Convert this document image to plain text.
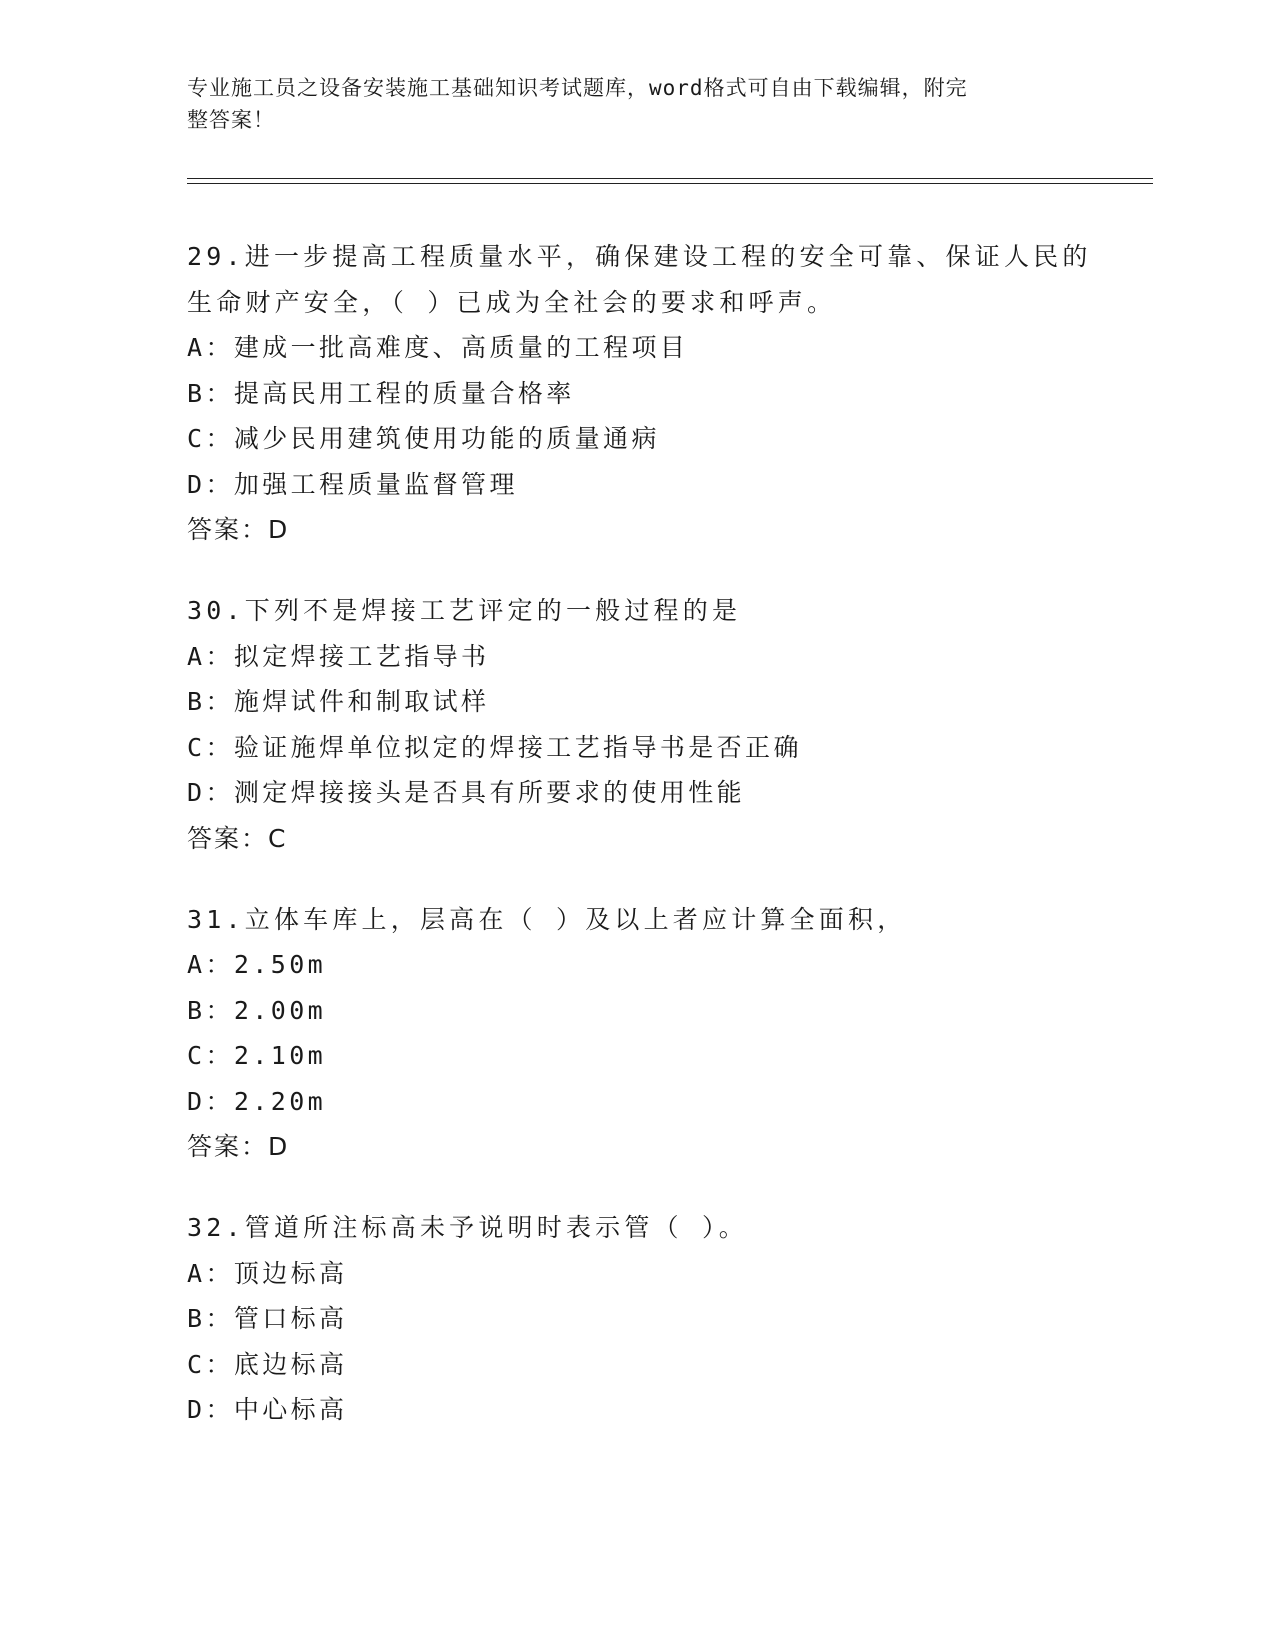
专业施工员之设备安装施工基础知识考试题库，word格式可自由下载编辑，附完
整答案！
29.进一步提高工程质量水平，确保建设工程的安全可靠、保证人民的
生命财产安全，（ ）已成为全社会的要求和呼声。
A：建成一批高难度、高质量的工程项目
B：提高民用工程的质量合格率
C：减少民用建筑使用功能的质量通病
D：加强工程质量监督管理
答案：D
30.下列不是焊接工艺评定的一般过程的是
A：拟定焊接工艺指导书
B：施焊试件和制取试样
C：验证施焊单位拟定的焊接工艺指导书是否正确
D：测定焊接接头是否具有所要求的使用性能
答案：C
31.立体车库上，层高在（ ）及以上者应计算全面积，
A：2.50m
B：2.00m
C：2.10m
D：2.20m
答案：D
32.管道所注标高未予说明时表示管（ ）。
A：顶边标高
B：管口标高
C：底边标高
D：中心标高
